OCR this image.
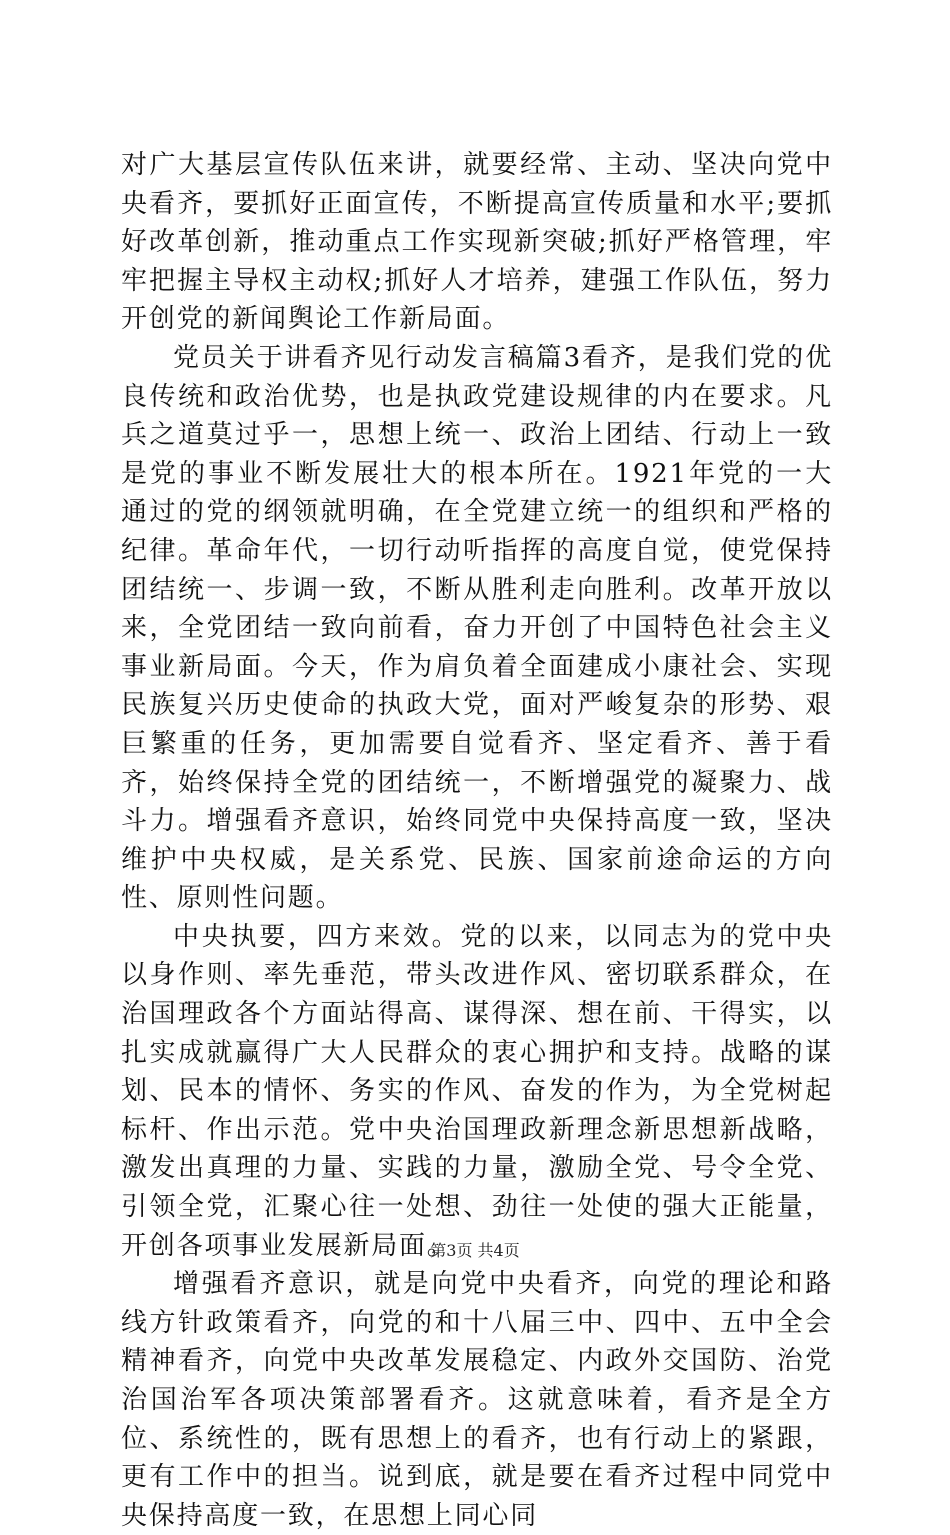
对广大基层宣传队伍来讲，就要经常、主动、坚决向党中央看齐，要抓好正面宣传，不断提高宣传质量和水平;要抓好改革创新，推动重点工作实现新突破;抓好严格管理，牢牢把握主导权主动权;抓好人才培养，建强工作队伍，努力开创党的新闻舆论工作新局面。

党员关于讲看齐见行动发言稿篇3看齐，是我们党的优良传统和政治优势，也是执政党建设规律的内在要求。凡兵之道莫过乎一，思想上统一、政治上团结、行动上一致是党的事业不断发展壮大的根本所在。1921年党的一大通过的党的纲领就明确，在全党建立统一的组织和严格的纪律。革命年代，一切行动听指挥的高度自觉，使党保持团结统一、步调一致，不断从胜利走向胜利。改革开放以来，全党团结一致向前看，奋力开创了中国特色社会主义事业新局面。今天，作为肩负着全面建成小康社会、实现民族复兴历史使命的执政大党，面对严峻复杂的形势、艰巨繁重的任务，更加需要自觉看齐、坚定看齐、善于看齐，始终保持全党的团结统一，不断增强党的凝聚力、战斗力。增强看齐意识，始终同党中央保持高度一致，坚决维护中央权威，是关系党、民族、国家前途命运的方向性、原则性问题。

中央执要，四方来效。党的以来，以同志为的党中央以身作则、率先垂范，带头改进作风、密切联系群众，在治国理政各个方面站得高、谋得深、想在前、干得实，以扎实成就赢得广大人民群众的衷心拥护和支持。战略的谋划、民本的情怀、务实的作风、奋发的作为，为全党树起标杆、作出示范。党中央治国理政新理念新思想新战略，激发出真理的力量、实践的力量，激励全党、号令全党、引领全党，汇聚心往一处想、劲往一处使的强大正能量，开创各项事业发展新局面。

增强看齐意识，就是向党中央看齐，向党的理论和路线方针政策看齐，向党的和十八届三中、四中、五中全会精神看齐，向党中央改革发展稳定、内政外交国防、治党治国治军各项决策部署看齐。这就意味着，看齐是全方位、系统性的，既有思想上的看齐，也有行动上的紧跟，更有工作中的担当。说到底，就是要在看齐过程中同党中央保持高度一致，在思想上同心同

第3页 共4页
